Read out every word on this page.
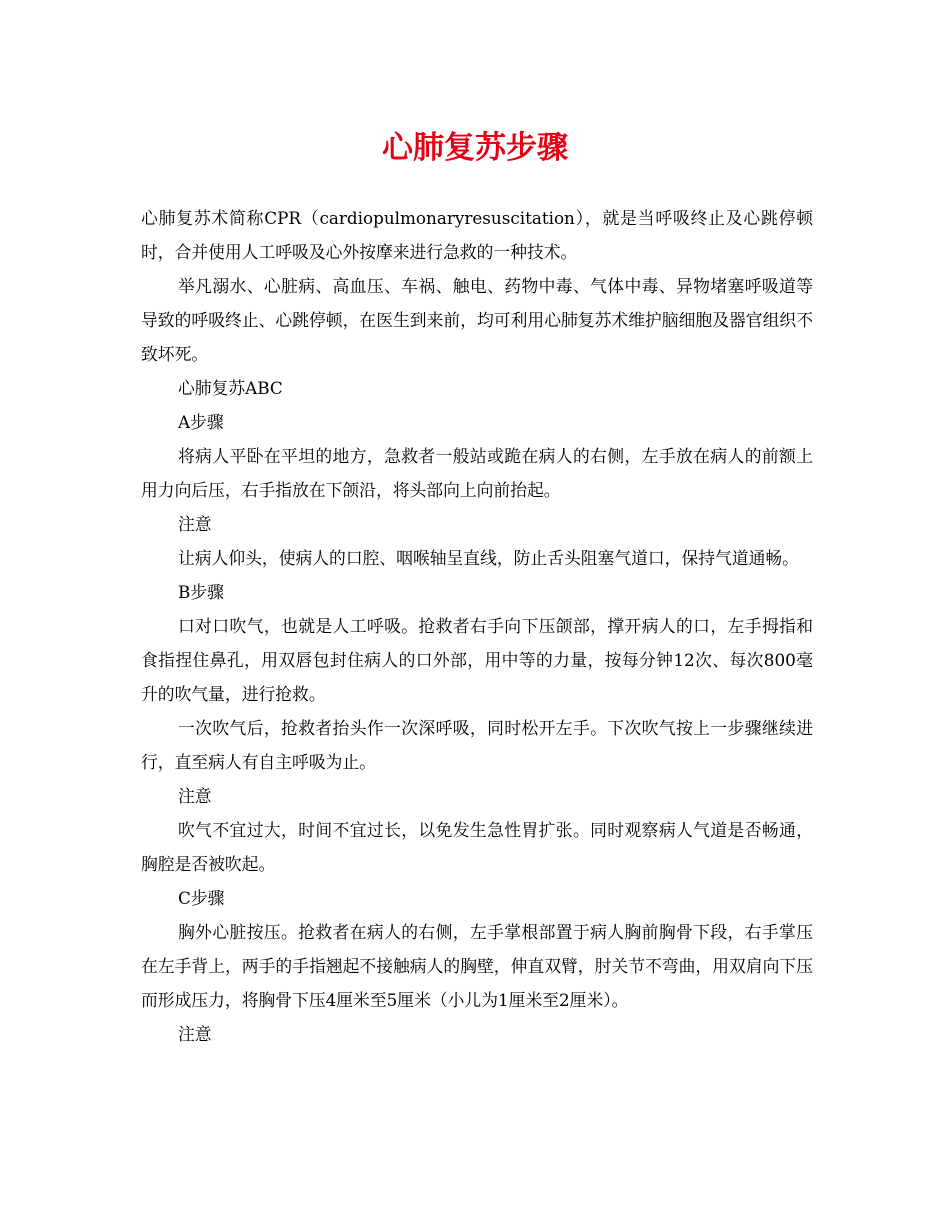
心肺复苏步骤

心肺复苏术简称CPR（cardiopulmonaryresuscitation），就是当呼吸终止及心跳停顿时，合并使用人工呼吸及心外按摩来进行急救的一种技术。

举凡溺水、心脏病、高血压、车祸、触电、药物中毒、气体中毒、异物堵塞呼吸道等导致的呼吸终止、心跳停顿，在医生到来前，均可利用心肺复苏术维护脑细胞及器官组织不致坏死。

心肺复苏ABC

A步骤

将病人平卧在平坦的地方，急救者一般站或跪在病人的右侧，左手放在病人的前额上用力向后压，右手指放在下颌沿，将头部向上向前抬起。

注意

让病人仰头，使病人的口腔、咽喉轴呈直线，防止舌头阻塞气道口，保持气道通畅。

B步骤

口对口吹气，也就是人工呼吸。抢救者右手向下压颌部，撑开病人的口，左手拇指和食指捏住鼻孔，用双唇包封住病人的口外部，用中等的力量，按每分钟12次、每次800毫升的吹气量，进行抢救。

一次吹气后，抢救者抬头作一次深呼吸，同时松开左手。下次吹气按上一步骤继续进行，直至病人有自主呼吸为止。

注意

吹气不宜过大，时间不宜过长，以免发生急性胃扩张。同时观察病人气道是否畅通，胸腔是否被吹起。

C步骤

胸外心脏按压。抢救者在病人的右侧，左手掌根部置于病人胸前胸骨下段，右手掌压在左手背上，两手的手指翘起不接触病人的胸壁，伸直双臂，肘关节不弯曲，用双肩向下压而形成压力，将胸骨下压4厘米至5厘米（小儿为1厘米至2厘米）。

注意
